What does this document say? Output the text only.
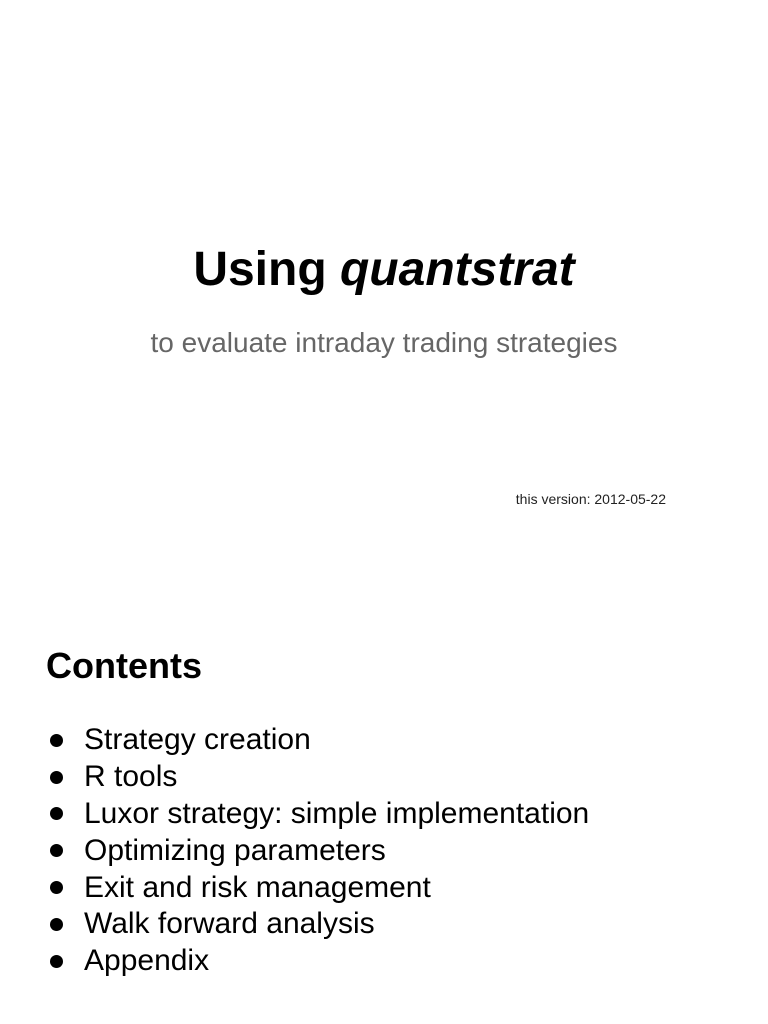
Using quantstrat
to evaluate intraday trading strategies
this version: 2012-05-22
Contents
Strategy creation
R tools
Luxor strategy: simple implementation
Optimizing parameters
Exit and risk management
Walk forward analysis
Appendix
